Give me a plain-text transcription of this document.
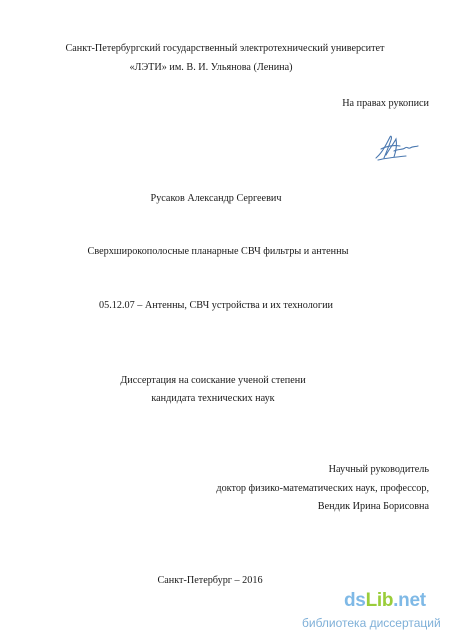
Санкт-Петербургский государственный электротехнический университет
«ЛЭТИ» им. В. И. Ульянова (Ленина)
На правах рукописи
Русаков Александр Сергеевич
Сверхширокополосные планарные СВЧ фильтры и антенны
05.12.07 – Антенны, СВЧ устройства и их технологии
Диссертация на соискание ученой степени
кандидата технических наук
Научный руководитель
доктор физико-математических наук, профессор,
Вендик Ирина Борисовна
Санкт-Петербург – 2016
dsLib.net
библиотека диссертаций
